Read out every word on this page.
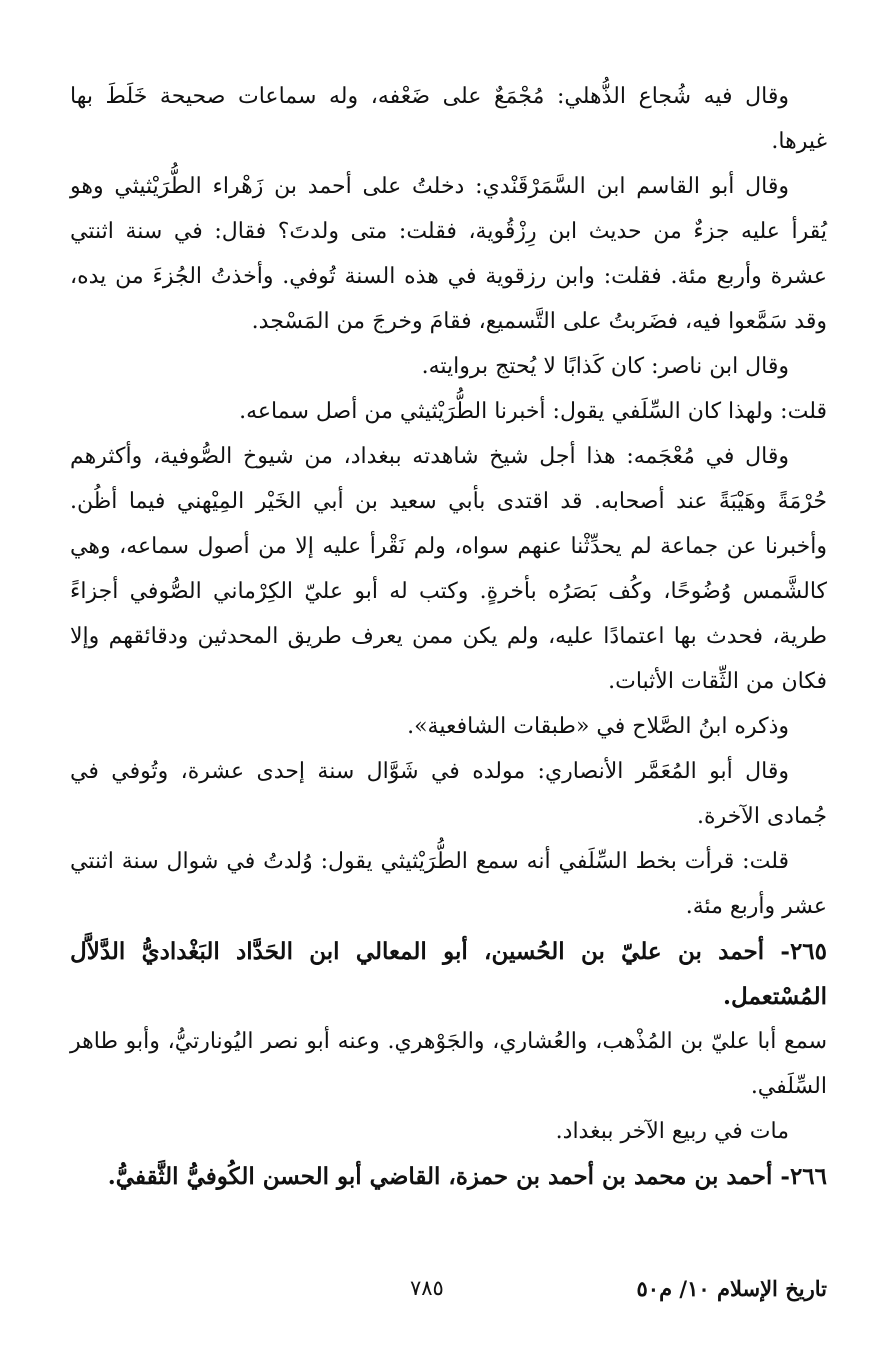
وقال فيه شُجاع الذُّهلي: مُجْمَعٌ على ضَعْفه، وله سماعات صحيحة خَلَطَ بها غيرها.

وقال أبو القاسم ابن السَّمَرْقَنْدي: دخلتُ على أحمد بن زَهْراء الطُّرَيْثيثي وهو يُقرأ عليه جزءٌ من حديث ابن رِزْقُوية، فقلت: متى ولدتَ؟ فقال: في سنة اثنتي عشرة وأربع مئة. فقلت: وابن رزقوية في هذه السنة تُوفي. وأخذتُ الجُزءَ من يده، وقد سَمَّعوا فيه، فضَربتُ على التَّسميع، فقامَ وخرجَ من المَسْجد.

وقال ابن ناصر: كان كَذابًا لا يُحتج بروايته.

قلت: ولهذا كان السِّلَفي يقول: أخبرنا الطُّرَيْثيثي من أصل سماعه.

وقال في مُعْجَمه: هذا أجل شيخ شاهدته ببغداد، من شيوخ الصُّوفية، وأكثرهم حُرْمَةً وهَيْبَةً عند أصحابه. قد اقتدى بأبي سعيد بن أبي الخَيْر المِيْهني فيما أظُن. وأخبرنا عن جماعة لم يحدِّثْنا عنهم سواه، ولم نَقْرأ عليه إلا من أصول سماعه، وهي كالشَّمس وُضُوحًا، وكُف بَصَرُه بأخرةٍ. وكتب له أبو عليّ الكِرْماني الصُّوفي أجزاءً طرية، فحدث بها اعتمادًا عليه، ولم يكن ممن يعرف طريق المحدثين ودقائقهم وإلا فكان من الثِّقات الأثبات.

وذكره ابنُ الصَّلاح في «طبقات الشافعية».

وقال أبو المُعَمَّر الأنصاري: مولده في شَوَّال سنة إحدى عشرة، وتُوفي في جُمادى الآخرة.

قلت: قرأت بخط السِّلَفي أنه سمع الطُّرَيْثيثي يقول: وُلدتُ في شوال سنة اثنتي عشر وأربع مئة.

٢٦٥- أحمد بن عليّ بن الحُسين، أبو المعالي ابن الحَدَّاد البَغْداديُّ الدَّلاَّل المُسْتعمل.

سمع أبا عليّ بن المُذْهب، والعُشاري، والجَوْهري. وعنه أبو نصر اليُونارتيُّ، وأبو طاهر السِّلَفي.

مات في ربيع الآخر ببغداد.

٢٦٦- أحمد بن محمد بن أحمد بن حمزة، القاضي أبو الحسن الكُوفيُّ الثَّقفيُّ.

تاريخ الإسلام ١٠/ م٥٠
٧٨٥
